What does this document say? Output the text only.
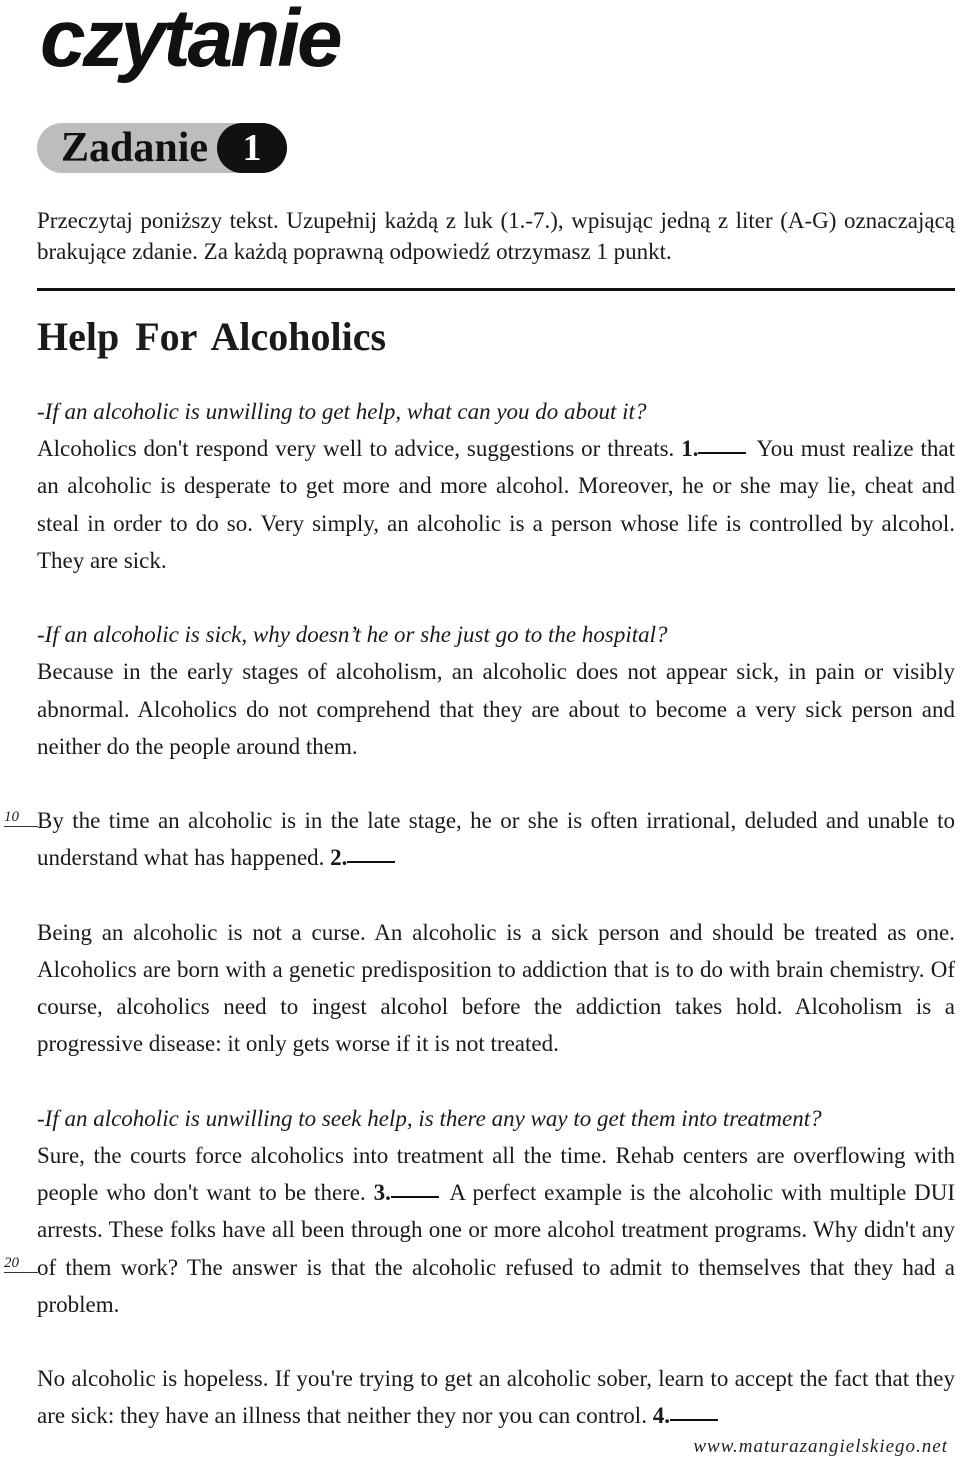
czytanie
Zadanie 1

Przeczytaj poniższy tekst. Uzupełnij każdą z luk (1.-7.), wpisując jedną z liter (A-G) oznaczającą brakujące zdanie. Za każdą poprawną odpowiedź otrzymasz 1 punkt.

Help For Alcoholics

-If an alcoholic is unwilling to get help, what can you do about it?

Alcoholics don't respond very well to advice, suggestions or threats. 1. You must realize that an alcoholic is desperate to get more and more alcohol. Moreover, he or she may lie, cheat and steal in order to do so. Very simply, an alcoholic is a person whose life is controlled by alcohol. They are sick.

-If an alcoholic is sick, why doesn’t he or she just go to the hospital?

Because in the early stages of alcoholism, an alcoholic does not appear sick, in pain or visibly abnormal. Alcoholics do not comprehend that they are about to become a very sick person and neither do the people around them.

By the time an alcoholic is in the late stage, he or she is often irrational, deluded and unable to understand what has happened. 2.

Being an alcoholic is not a curse. An alcoholic is a sick person and should be treated as one. Alcoholics are born with a genetic predisposition to addiction that is to do with brain chemistry. Of course, alcoholics need to ingest alcohol before the addiction takes hold. Alcoholism is a progressive disease: it only gets worse if it is not treated.

-If an alcoholic is unwilling to seek help, is there any way to get them into treatment?

Sure, the courts force alcoholics into treatment all the time. Rehab centers are overflowing with people who don't want to be there. 3. A perfect example is the alcoholic with multiple DUI arrests. These folks have all been through one or more alcohol treatment programs. Why didn't any of them work? The answer is that the alcoholic refused to admit to themselves that they had a problem.

No alcoholic is hopeless. If you're trying to get an alcoholic sober, learn to accept the fact that they are sick: they have an illness that neither they nor you can control. 4.

10
20
www.maturazangielskiego.net
